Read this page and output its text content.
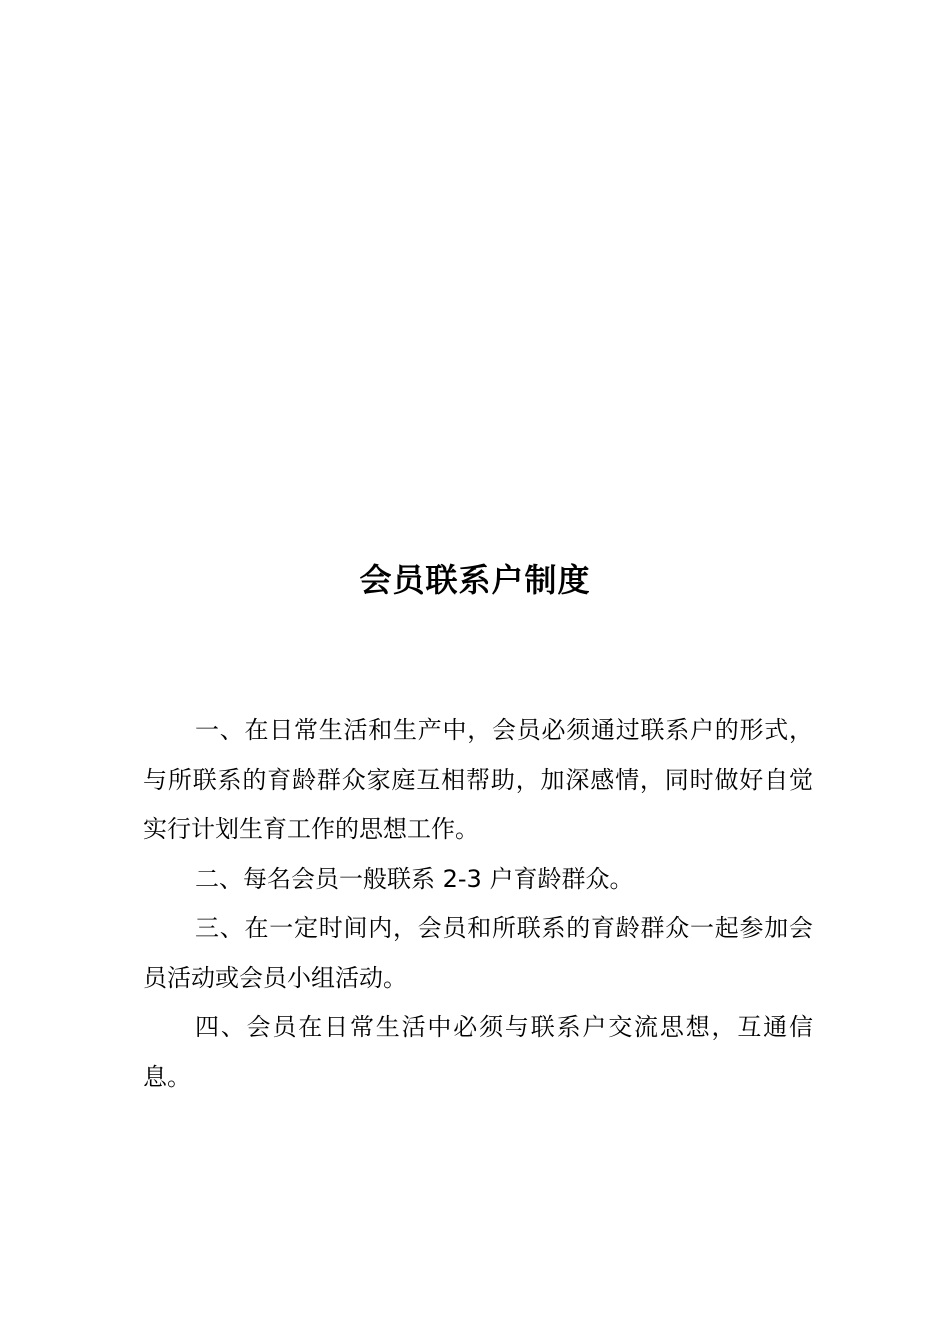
会员联系户制度

一、在日常生活和生产中，会员必须通过联系户的形式，与所联系的育龄群众家庭互相帮助，加深感情，同时做好自觉实行计划生育工作的思想工作。

二、每名会员一般联系 2-3 户育龄群众。

三、在一定时间内，会员和所联系的育龄群众一起参加会员活动或会员小组活动。

四、会员在日常生活中必须与联系户交流思想，互通信息。
